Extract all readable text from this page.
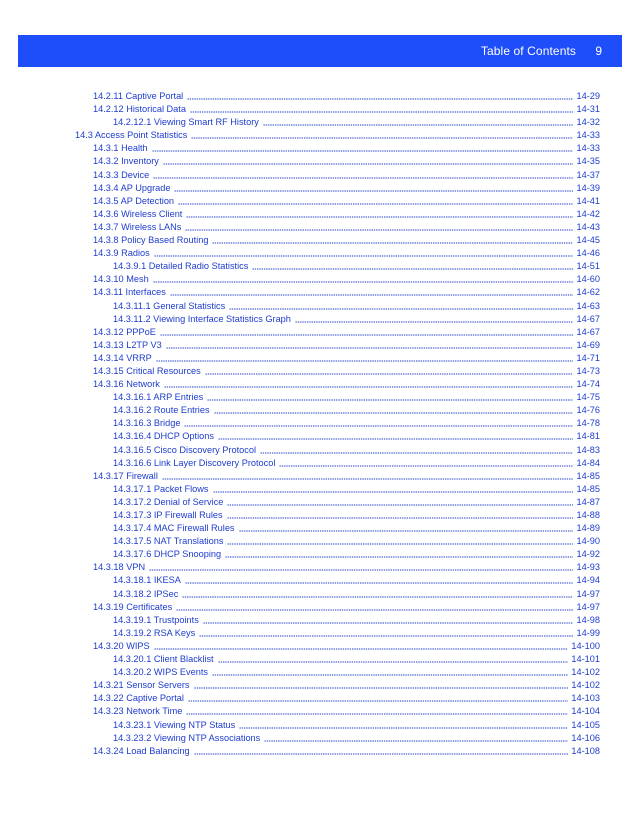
Table of Contents 9
14.2.11 Captive Portal	14-29
14.2.12 Historical Data	14-31
14.2.12.1 Viewing Smart RF History	14-32
14.3 Access Point Statistics	14-33
14.3.1 Health	14-33
14.3.2 Inventory	14-35
14.3.3 Device	14-37
14.3.4 AP Upgrade	14-39
14.3.5 AP Detection	14-41
14.3.6 Wireless Client	14-42
14.3.7 Wireless LANs	14-43
14.3.8 Policy Based Routing	14-45
14.3.9 Radios	14-46
14.3.9.1 Detailed Radio Statistics	14-51
14.3.10 Mesh	14-60
14.3.11 Interfaces	14-62
14.3.11.1 General Statistics	14-63
14.3.11.2 Viewing Interface Statistics Graph	14-67
14.3.12 PPPoE	14-67
14.3.13 L2TP V3	14-69
14.3.14 VRRP	14-71
14.3.15 Critical Resources	14-73
14.3.16 Network	14-74
14.3.16.1 ARP Entries	14-75
14.3.16.2 Route Entries	14-76
14.3.16.3 Bridge	14-78
14.3.16.4 DHCP Options	14-81
14.3.16.5 Cisco Discovery Protocol	14-83
14.3.16.6 Link Layer Discovery Protocol	14-84
14.3.17 Firewall	14-85
14.3.17.1 Packet Flows	14-85
14.3.17.2 Denial of Service	14-87
14.3.17.3 IP Firewall Rules	14-88
14.3.17.4 MAC Firewall Rules	14-89
14.3.17.5 NAT Translations	14-90
14.3.17.6 DHCP Snooping	14-92
14.3.18 VPN	14-93
14.3.18.1 IKESA	14-94
14.3.18.2 IPSec	14-97
14.3.19 Certificates	14-97
14.3.19.1 Trustpoints	14-98
14.3.19.2 RSA Keys	14-99
14.3.20 WIPS	14-100
14.3.20.1 Client Blacklist	14-101
14.3.20.2 WIPS Events	14-102
14.3.21 Sensor Servers	14-102
14.3.22 Captive Portal	14-103
14.3.23 Network Time	14-104
14.3.23.1 Viewing NTP Status	14-105
14.3.23.2 Viewing NTP Associations	14-106
14.3.24 Load Balancing	14-108
